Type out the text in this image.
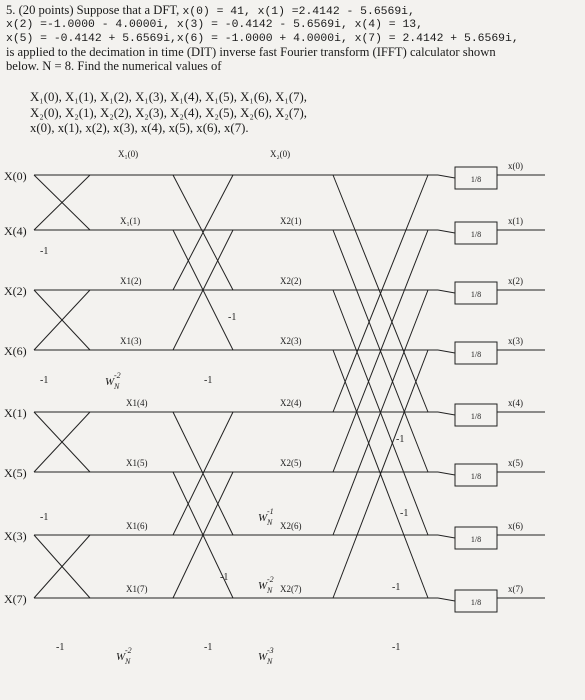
5. (20 points) Suppose that a DFT, x(0) = 41, x(1) =2.4142 - 5.6569i,
x(2) =-1.0000 - 4.0000i, x(3) = -0.4142 - 5.6569i, x(4) = 13,
x(5) = -0.4142 + 5.6569i,x(6) = -1.0000 + 4.0000i, x(7) = 2.4142 + 5.6569i,
is applied to the decimation in time (DIT) inverse fast Fourier transform (IFFT) calculator shown
below. N = 8. Find the numerical values of
X₁(0), X₁(1), X₁(2), X₁(3), X₁(4), X₁(5), X₁(6), X₁(7),
X₂(0), X₂(1), X₂(2), X₂(3), X₂(4), X₂(5), X₂(6), X₂(7),
x(0), x(1), x(2), x(3), x(4), x(5), x(6), x(7).
1/8
1/8
1/8
1/8
1/8
1/8
1/8
1/8
X(0)
X(4)
X(2)
X(6)
X(1)
X(5)
X(3)
X(7)
X₁(0)
X₁(1)
X1(2)
X1(3)
X1(4)
X1(5)
X1(6)
X1(7)
X₂(0)
X2(1)
X2(2)
X2(3)
X2(4)
X2(5)
X2(6)
X2(7)
x(0)
x(1)
x(2)
x(3)
x(4)
x(5)
x(6)
x(7)
-1
-1
-1
-1
-1
-1
-1
-1
-1
-1
-1
-1
W N
-2
W N
-2
W N
-1
W N
-2
W N
-3
